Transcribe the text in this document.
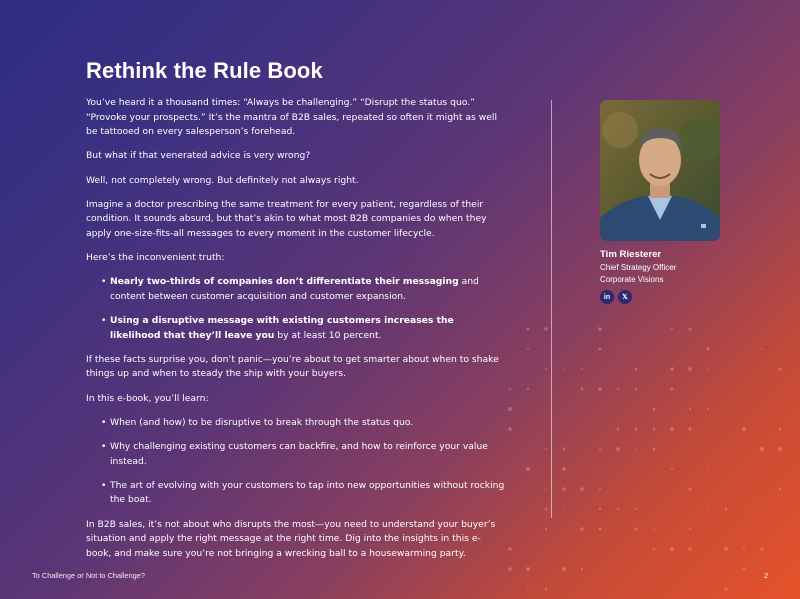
Rethink the Rule Book

You’ve heard it a thousand times: “Always be challenging.” “Disrupt the status quo.” “Provoke your prospects.” It’s the mantra of B2B sales, repeated so often it might as well be tattooed on every salesperson’s forehead.

But what if that venerated advice is very wrong?

Well, not completely wrong. But definitely not always right.

Imagine a doctor prescribing the same treatment for every patient, regardless of their condition. It sounds absurd, but that’s akin to what most B2B companies do when they apply one-size-fits-all messages to every moment in the customer lifecycle.

Here’s the inconvenient truth:

• Nearly two-thirds of companies don’t differentiate their messaging and content between customer acquisition and customer expansion.
• Using a disruptive message with existing customers increases the likelihood that they’ll leave you by at least 10 percent.

If these facts surprise you, don’t panic—you’re about to get smarter about when to shake things up and when to steady the ship with your buyers.

In this e-book, you’ll learn:

• When (and how) to be disruptive to break through the status quo.
• Why challenging existing customers can backfire, and how to reinforce your value instead.
• The art of evolving with your customers to tap into new opportunities without rocking the boat.

In B2B sales, it’s not about who disrupts the most—you need to understand your buyer’s situation and apply the right message at the right time. Dig into the insights in this e-book, and make sure you’re not bringing a wrecking ball to a housewarming party.

Tim Riesterer
Chief Strategy Officer
Corporate Visions
in 𝕏
To Challenge or Not to Challenge?	2
